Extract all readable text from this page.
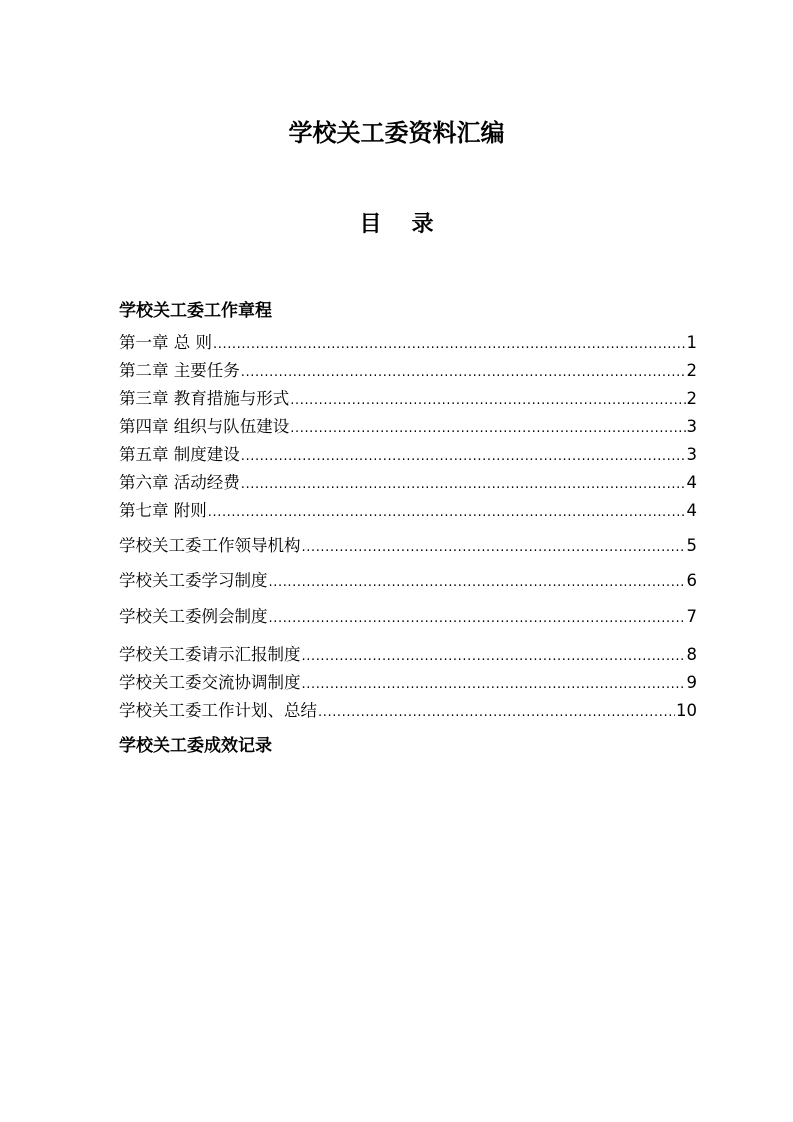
学校关工委资料汇编
目录
学校关工委工作章程
第一章 总 则 .....	1
第二章 主要任务 .....	2
第三章 教育措施与形式 .....	2
第四章 组织与队伍建设 .....	3
第五章 制度建设 .....	3
第六章 活动经费 .....	4
第七章 附则 .....	4
学校关工委工作领导机构 .....	5
学校关工委学习制度 .....	6
学校关工委例会制度 .....	7
学校关工委请示汇报制度 .....	8
学校关工委交流协调制度 .....	9
学校关工委工作计划、总结 .....	10
学校关工委成效记录
